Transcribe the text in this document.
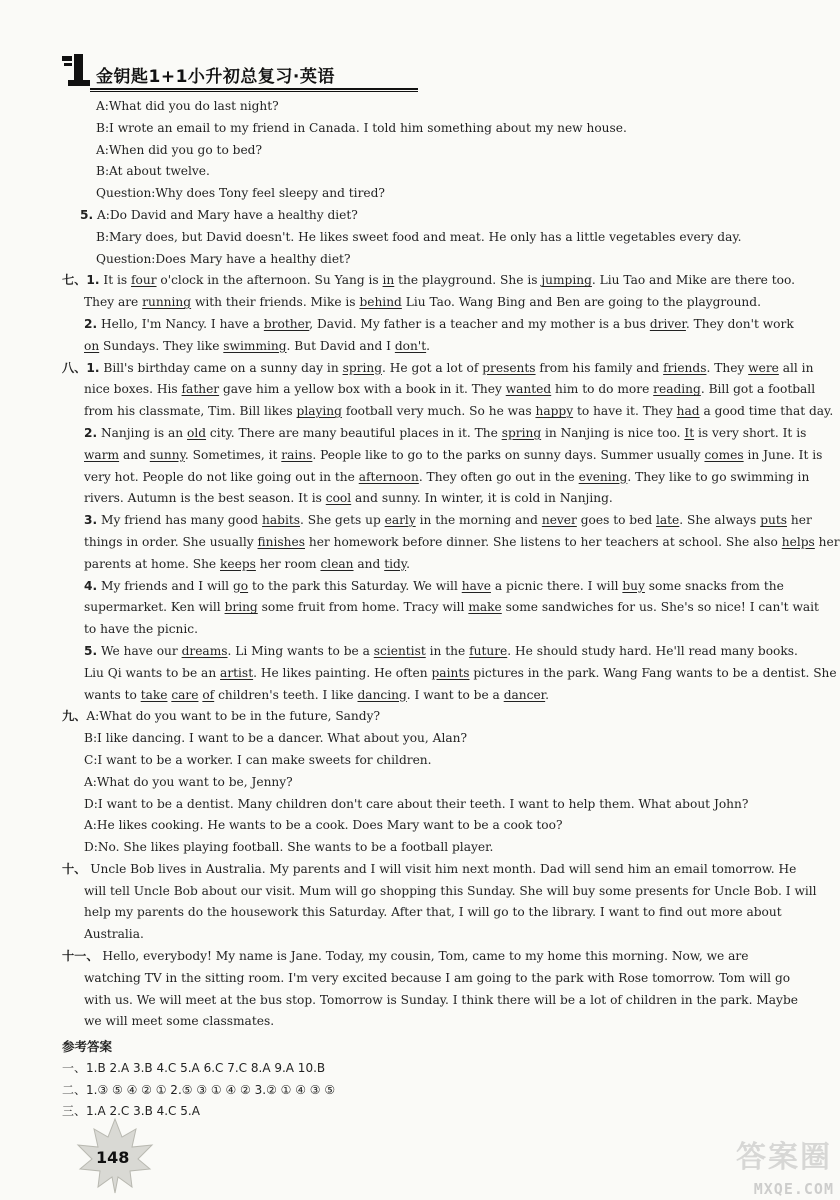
金钥匙1+1小升初总复习·英语
A:What did you do last night?
B:I wrote an email to my friend in Canada. I told him something about my new house.
A:When did you go to bed?
B:At about twelve.
Question:Why does Tony feel sleepy and tired?
5. A:Do David and Mary have a healthy diet?
B:Mary does, but David doesn't. He likes sweet food and meat. He only has a little vegetables every day.
Question:Does Mary have a healthy diet?
七、1. It is four o'clock in the afternoon. Su Yang is in the playground. She is jumping. Liu Tao and Mike are there too.
They are running with their friends. Mike is behind Liu Tao. Wang Bing and Ben are going to the playground.
2. Hello, I'm Nancy. I have a brother, David. My father is a teacher and my mother is a bus driver. They don't work
on Sundays. They like swimming. But David and I don't.
八、1. Bill's birthday came on a sunny day in spring. He got a lot of presents from his family and friends. They were all in
nice boxes. His father gave him a yellow box with a book in it. They wanted him to do more reading. Bill got a football
from his classmate, Tim. Bill likes playing football very much. So he was happy to have it. They had a good time that day.
2. Nanjing is an old city. There are many beautiful places in it. The spring in Nanjing is nice too. It is very short. It is
warm and sunny. Sometimes, it rains. People like to go to the parks on sunny days. Summer usually comes in June. It is
very hot. People do not like going out in the afternoon. They often go out in the evening. They like to go swimming in
rivers. Autumn is the best season. It is cool and sunny. In winter, it is cold in Nanjing.
3. My friend has many good habits. She gets up early in the morning and never goes to bed late. She always puts her
things in order. She usually finishes her homework before dinner. She listens to her teachers at school. She also helps her
parents at home. She keeps her room clean and tidy.
4. My friends and I will go to the park this Saturday. We will have a picnic there. I will buy some snacks from the
supermarket. Ken will bring some fruit from home. Tracy will make some sandwiches for us. She's so nice! I can't wait
to have the picnic.
5. We have our dreams. Li Ming wants to be a scientist in the future. He should study hard. He'll read many books.
Liu Qi wants to be an artist. He likes painting. He often paints pictures in the park. Wang Fang wants to be a dentist. She
wants to take care of children's teeth. I like dancing. I want to be a dancer.
九、A:What do you want to be in the future, Sandy?
B:I like dancing. I want to be a dancer. What about you, Alan?
C:I want to be a worker. I can make sweets for children.
A:What do you want to be, Jenny?
D:I want to be a dentist. Many children don't care about their teeth. I want to help them. What about John?
A:He likes cooking. He wants to be a cook. Does Mary want to be a cook too?
D:No. She likes playing football. She wants to be a football player.
十、 Uncle Bob lives in Australia. My parents and I will visit him next month. Dad will send him an email tomorrow. He
will tell Uncle Bob about our visit. Mum will go shopping this Sunday. She will buy some presents for Uncle Bob. I will
help my parents do the housework this Saturday. After that, I will go to the library. I want to find out more about
Australia.
十一、 Hello, everybody! My name is Jane. Today, my cousin, Tom, came to my home this morning. Now, we are
watching TV in the sitting room. I'm very excited because I am going to the park with Rose tomorrow. Tom will go
with us. We will meet at the bus stop. Tomorrow is Sunday. I think there will be a lot of children in the park. Maybe
we will meet some classmates.
参考答案
一、1.B 2.A 3.B 4.C 5.A 6.C 7.C 8.A 9.A 10.B
二、1.③ ⑤ ④ ② ① 2.⑤ ③ ① ④ ② 3.② ① ④ ③ ⑤
三、1.A 2.C 3.B 4.C 5.A
148	答案圈
MXQE.COM
